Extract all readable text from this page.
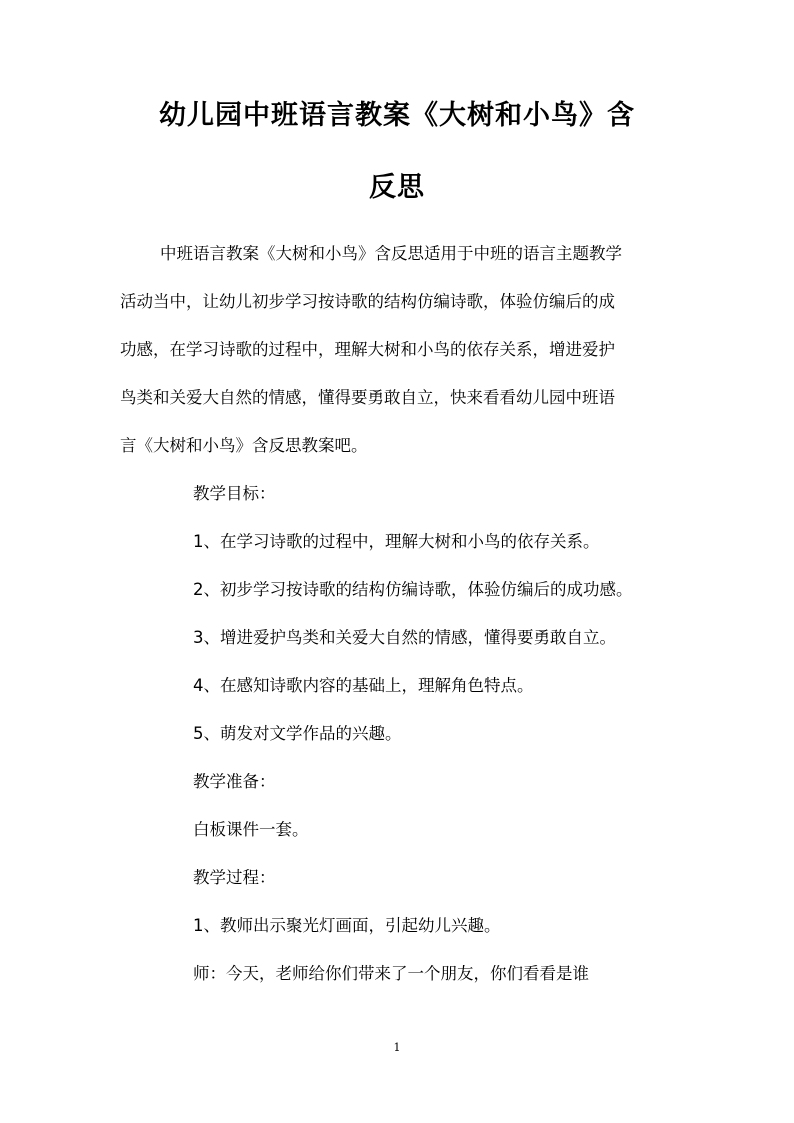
幼儿园中班语言教案《大树和小鸟》含
反思
中班语言教案《大树和小鸟》含反思适用于中班的语言主题教学
活动当中，让幼儿初步学习按诗歌的结构仿编诗歌，体验仿编后的成
功感，在学习诗歌的过程中，理解大树和小鸟的依存关系，增进爱护
鸟类和关爱大自然的情感，懂得要勇敢自立，快来看看幼儿园中班语
言《大树和小鸟》含反思教案吧。
教学目标：
1、在学习诗歌的过程中，理解大树和小鸟的依存关系。
2、初步学习按诗歌的结构仿编诗歌，体验仿编后的成功感。
3、增进爱护鸟类和关爱大自然的情感，懂得要勇敢自立。
4、在感知诗歌内容的基础上，理解角色特点。
5、萌发对文学作品的兴趣。
教学准备：
白板课件一套。
教学过程：
1、教师出示聚光灯画面，引起幼儿兴趣。
师：今天，老师给你们带来了一个朋友，你们看看是谁
1
